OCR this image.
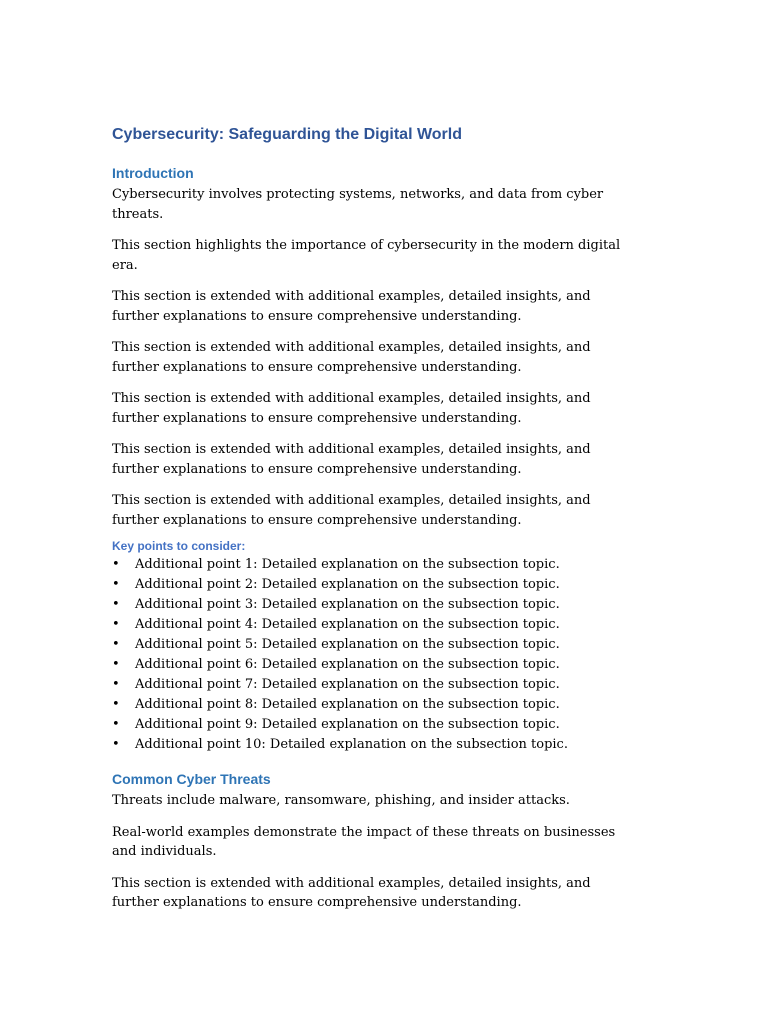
Cybersecurity: Safeguarding the Digital World
Introduction

Cybersecurity involves protecting systems, networks, and data from cyber threats.

This section highlights the importance of cybersecurity in the modern digital era.

This section is extended with additional examples, detailed insights, and further explanations to ensure comprehensive understanding.

This section is extended with additional examples, detailed insights, and further explanations to ensure comprehensive understanding.

This section is extended with additional examples, detailed insights, and further explanations to ensure comprehensive understanding.

This section is extended with additional examples, detailed insights, and further explanations to ensure comprehensive understanding.

This section is extended with additional examples, detailed insights, and further explanations to ensure comprehensive understanding.

Key points to consider:
• Additional point 1: Detailed explanation on the subsection topic.
• Additional point 2: Detailed explanation on the subsection topic.
• Additional point 3: Detailed explanation on the subsection topic.
• Additional point 4: Detailed explanation on the subsection topic.
• Additional point 5: Detailed explanation on the subsection topic.
• Additional point 6: Detailed explanation on the subsection topic.
• Additional point 7: Detailed explanation on the subsection topic.
• Additional point 8: Detailed explanation on the subsection topic.
• Additional point 9: Detailed explanation on the subsection topic.
• Additional point 10: Detailed explanation on the subsection topic.
Common Cyber Threats

Threats include malware, ransomware, phishing, and insider attacks.

Real-world examples demonstrate the impact of these threats on businesses and individuals.

This section is extended with additional examples, detailed insights, and further explanations to ensure comprehensive understanding.
